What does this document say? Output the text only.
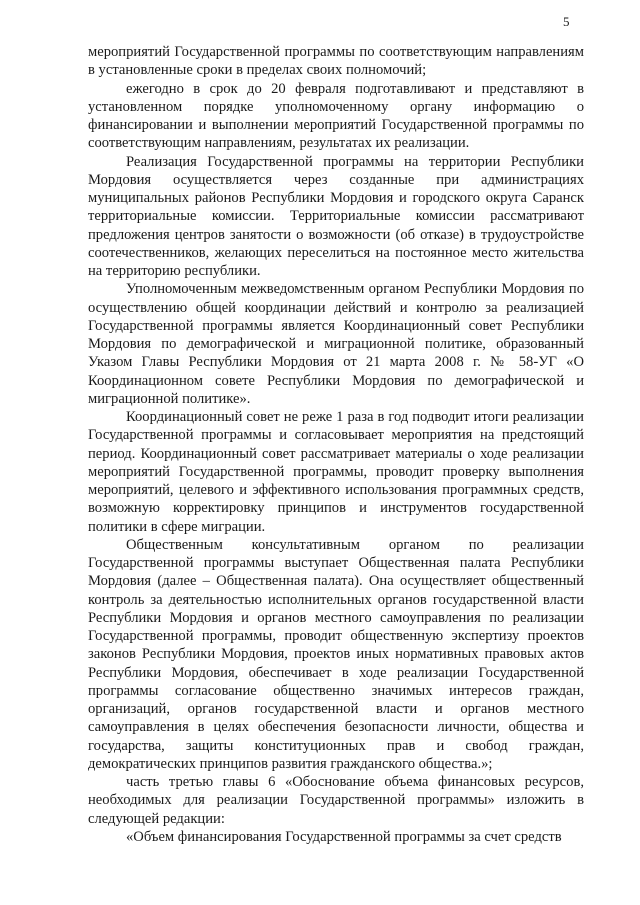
5

мероприятий Государственной программы по соответствующим направлениям в установленные сроки в пределах своих полномочий;

ежегодно в срок до 20 февраля подготавливают и представляют в установленном порядке уполномоченному органу информацию о финансировании и выполнении мероприятий Государственной программы по соответствующим направлениям, результатах их реализации.

Реализация Государственной программы на территории Республики Мордовия осуществляется через созданные при администрациях муниципальных районов Республики Мордовия и городского округа Саранск территориальные комиссии. Территориальные комиссии рассматривают предложения центров занятости о возможности (об отказе) в трудоустройстве соотечественников, желающих переселиться на постоянное место жительства на территорию республики.

Уполномоченным межведомственным органом Республики Мордовия по осуществлению общей координации действий и контролю за реализацией Государственной программы является Координационный совет Республики Мордовия по демографической и миграционной политике, образованный Указом Главы Республики Мордовия от 21 марта 2008 г. № 58-УГ «О Координационном совете Республики Мордовия по демографической и миграционной политике».

Координационный совет не реже 1 раза в год подводит итоги реализации Государственной программы и согласовывает мероприятия на предстоящий период. Координационный совет рассматривает материалы о ходе реализации мероприятий Государственной программы, проводит проверку выполнения мероприятий, целевого и эффективного использования программных средств, возможную корректировку принципов и инструментов государственной политики в сфере миграции.

Общественным консультативным органом по реализации Государственной программы выступает Общественная палата Республики Мордовия (далее – Общественная палата). Она осуществляет общественный контроль за деятельностью исполнительных органов государственной власти Республики Мордовия и органов местного самоуправления по реализации Государственной программы, проводит общественную экспертизу проектов законов Республики Мордовия, проектов иных нормативных правовых актов Республики Мордовия, обеспечивает в ходе реализации Государственной программы согласование общественно значимых интересов граждан, организаций, органов государственной власти и органов местного самоуправления в целях обеспечения безопасности личности, общества и государства, защиты конституционных прав и свобод граждан, демократических принципов развития гражданского общества.»;

часть третью главы 6 «Обоснование объема финансовых ресурсов, необходимых для реализации Государственной программы» изложить в следующей редакции:

«Объем финансирования Государственной программы за счет средств
